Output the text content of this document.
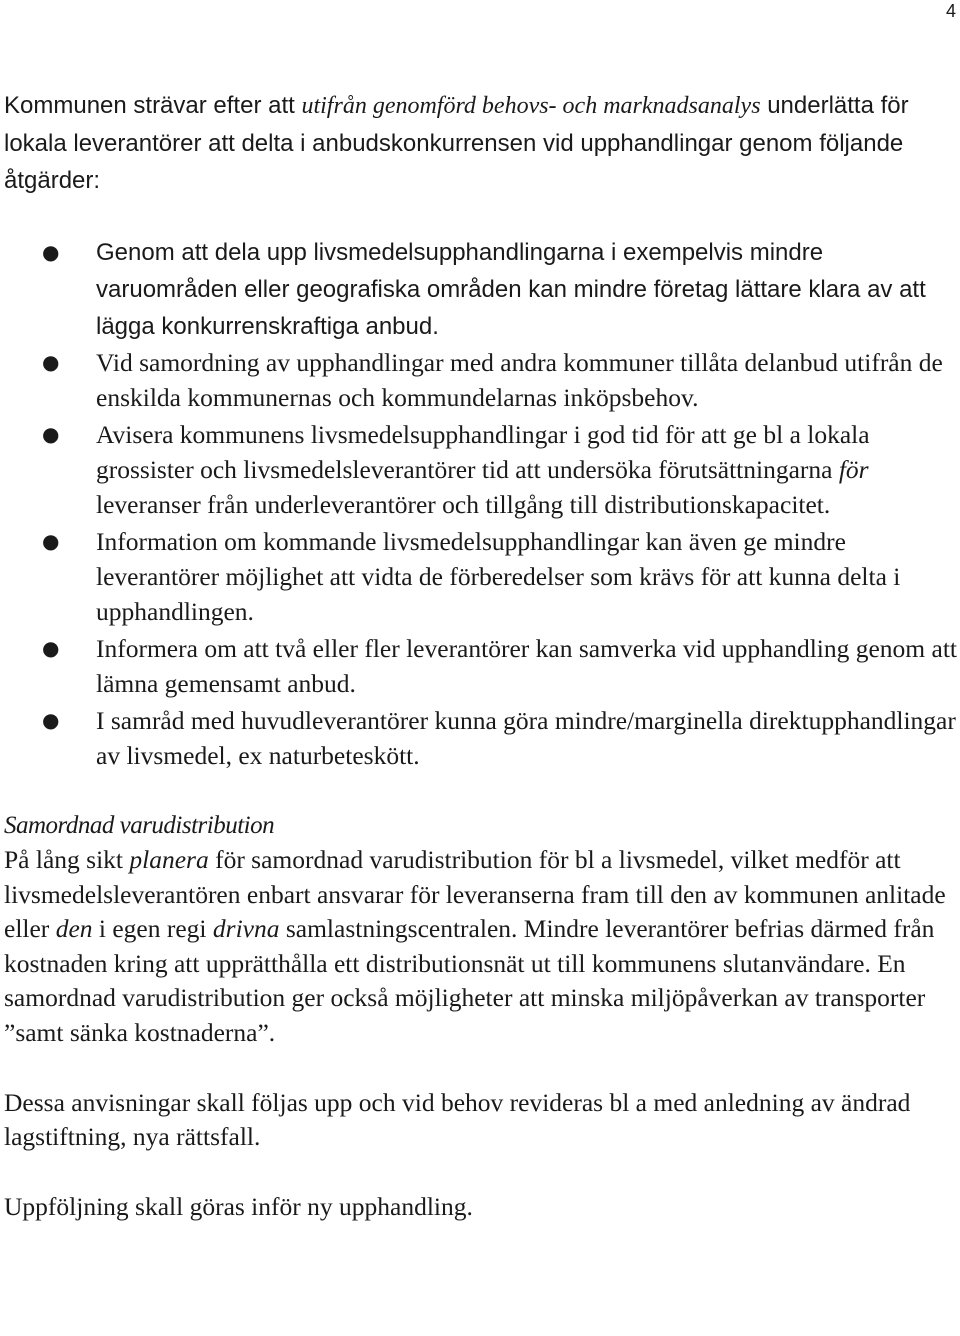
4

Kommunen strävar efter att utifrån genomförd behovs- och marknadsanalys underlätta för lokala leverantörer att delta i anbudskonkurrensen vid upphandlingar genom följande åtgärder:

● Genom att dela upp livsmedelsupphandlingarna i exempelvis mindre varuområden eller geografiska områden kan mindre företag lättare klara av att lägga konkurrenskraftiga anbud.
● Vid samordning av upphandlingar med andra kommuner tillåta delanbud utifrån de enskilda kommunernas och kommundelarnas inköpsbehov.
● Avisera kommunens livsmedelsupphandlingar i god tid för att ge bl a lokala grossister och livsmedelsleverantörer tid att undersöka förutsättningarna för leveranser från underleverantörer och tillgång till distributionskapacitet.
● Information om kommande livsmedelsupphandlingar kan även ge mindre leverantörer möjlighet att vidta de förberedelser som krävs för att kunna delta i upphandlingen.
● Informera om att två eller fler leverantörer kan samverka vid upphandling genom att lämna gemensamt anbud.
● I samråd med huvudleverantörer kunna göra mindre/marginella direktupphandlingar av livsmedel, ex naturbeteskött.

Samordnad varudistribution

På lång sikt planera för samordnad varudistribution för bl a livsmedel, vilket medför att livsmedelsleverantören enbart ansvarar för leveranserna fram till den av kommunen anlitade eller den i egen regi drivna samlastningscentralen. Mindre leverantörer befrias därmed från kostnaden kring att upprätthålla ett distributionsnät ut till kommunens slutanvändare. En samordnad varudistribution ger också möjligheter att minska miljöpåverkan av transporter ”samt sänka kostnaderna”.

Dessa anvisningar skall följas upp och vid behov revideras bl a med anledning av ändrad lagstiftning, nya rättsfall.

Uppföljning skall göras inför ny upphandling.
